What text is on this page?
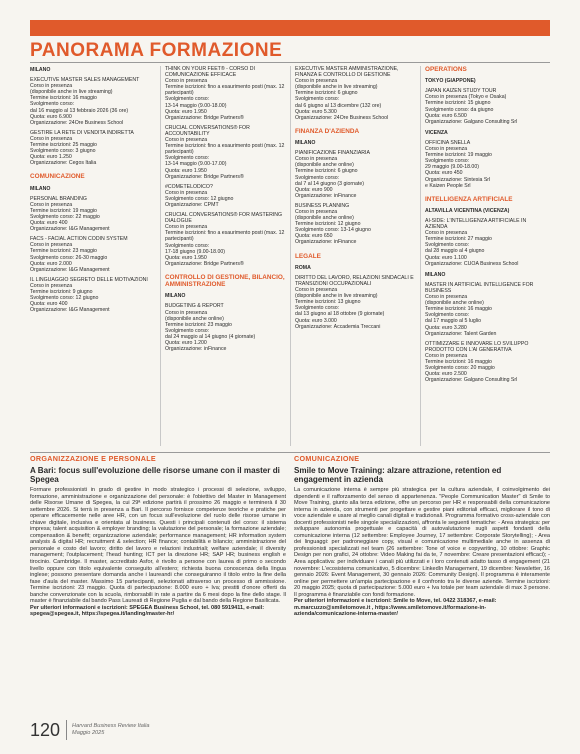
PANORAMA FORMAZIONE
MILANO
EXECUTIVE MASTER SALES MANAGEMENT
Corso in presenza
(disponibile anche in live streaming)
Termine iscrizioni: 16 maggio
Svolgimento corso:
dal 16 maggio al 13 febbraio 2026 (36 ore)
Quota: euro 6.900
Organizzazione: 24Ore Business School
GESTIRE LA RETE DI VENDITA INDIRETTA
Corso in presenza
Termine iscrizioni: 25 maggio
Svolgimento corso: 3 giugno
Quota: euro 1.250
Organizzazione: Cegos Italia
COMUNICAZIONE
MILANO
PERSONAL BRANDING
Corso in presenza
Termine iscrizioni: 19 maggio
Svolgimento corso: 22 maggio
Quota: euro 400
Organizzazione: I&G Management
FACS - FACIAL ACTION CODIN SYSTEM
Corso in presenza
Termine iscrizioni: 23 maggio
Svolgimento corso: 26-30 maggio
Quota: euro 2.000
Organizzazione: I&G Management
IL LINGUAGGIO SEGRETO DELLE MOTIVAZIONI
Corso in presenza
Termine iscrizioni: 9 giugno
Svolgimento corso: 12 giugno
Quota: euro 400
Organizzazione: I&G Management
THINK ON YOUR FEET® - CORSO DI COMUNICAZIONE EFFICACE
Corso in presenza
Termine iscrizioni: fino a esaurimento posti (max. 12 partecipanti)
Svolgimento corso:
13-14 maggio (9.00-18.00)
Quota: euro 1.950
Organizzazione: Bridge Partners®
CRUCIAL CONVERSATIONS® FOR ACCOUNTABILITY
Corso in presenza
Termine iscrizioni: fino a esaurimento posti (max. 12 partecipanti)
Svolgimento corso:
13-14 maggio (9.00-17.00)
Quota: euro 1.950
Organizzazione: Bridge Partners®
#COMETELODICO?
Corso in presenza
Svolgimento corso: 12 giugno
Organizzazione: CPMT
CRUCIAL CONVERSATIONS® FOR MASTERING DIALOGUE
Corso in presenza
Termine iscrizioni: fino a esaurimento posti (max. 12 partecipanti)
Svolgimento corso:
17-18 giugno (9.00-18.00)
Quota: euro 1.950
Organizzazione: Bridge Partners®
CONTROLLO DI GESTIONE, BILANCIO, AMMINISTRAZIONE
MILANO
BUDGETING & REPORT
Corso in presenza
(disponibile anche online)
Termine iscrizioni: 23 maggio
Svolgimento corso:
dal 24 maggio al 14 giugno (4 giornate)
Quota: euro 1.200
Organizzazione: inFinance
EXECUTIVE MASTER AMMINISTRAZIONE, FINANZA E CONTROLLO DI GESTIONE
Corso in presenza
(disponibile anche in live streaming)
Termine iscrizioni: 6 giugno
Svolgimento corso:
dal 6 giugno al 13 dicembre (132 ore)
Quota: euro 5.300
Organizzazione: 24Ore Business School
FINANZA D'AZIENDA
MILANO
PIANIFICAZIONE FINANZIARIA
Corso in presenza
(disponibile anche online)
Termine iscrizioni: 6 giugno
Svolgimento corso:
dal 7 al 14 giugno (3 giornate)
Quota: euro 900
Organizzazione: inFinance
BUSINESS PLANNING
Corso in presenza
(disponibile anche online)
Termine iscrizioni: 12 giugno
Svolgimento corso: 13-14 giugno
Quota: euro 650
Organizzazione: inFinance
LEGALE
ROMA
DIRITTO DEL LAVORO, RELAZIONI SINDACALI E TRANSIZIONI OCCUPAZIONALI
Corso in presenza
(disponibile anche in live streaming)
Termine iscrizioni: 13 giugno
Svolgimento corso:
dal 13 giugno al 18 ottobre (9 giornate)
Quota: euro 3.000
Organizzazione: Accademia Treccani
OPERATIONS
TOKYO (GIAPPONE)
JAPAN KAIZEN STUDY TOUR
Corso in presenza (Tokyo e Osaka)
Termine iscrizioni: 15 giugno
Svolgimento corso: da giugno
Quota: euro 6.500
Organizzazione: Galgano Consulting Srl
VICENZA
OFFICINA SNELLA
Corso in presenza
Termine iscrizioni: 19 maggio
Svolgimento corso:
29 maggio (9.00-18.00)
Quota: euro 450
Organizzazione: Sintesia Srl
e Kaizen People Srl
INTELLIGENZA ARTIFICIALE
ALTAVILLA VICENTINA (VICENZA)
AI-SIDE: L'INTELLIGENZA ARTIFICIALE IN AZIENDA
Corso in presenza
Termine iscrizioni: 27 maggio
Svolgimento corso:
dal 28 maggio al 4 giugno
Quota: euro 1.100
Organizzazione: CUOA Business School
MILANO
MASTER IN ARTIFICIAL INTELLIGENCE FOR BUSINESS
Corso in presenza
(disponibile anche online)
Termine iscrizioni: 16 maggio
Svolgimento corso:
dal 17 maggio al 5 luglio
Quota: euro 3.280
Organizzazione: Talent Garden
OTTIMIZZARE E INNOVARE LO SVILUPPO PRODOTTO CON L'AI GENERATIVA
Corso in presenza
Termine iscrizioni: 16 maggio
Svolgimento corso: 20 maggio
Quota: euro 2.500
Organizzazione: Galgano Consulting Srl
ORGANIZZAZIONE E PERSONALE
A Bari: focus sull'evoluzione delle risorse umane con il master di Spegea
Formare professionisti in grado di gestire in modo strategico i processi di selezione, sviluppo, formazione, amministrazione e organizzazione del personale: è l'obiettivo del Master in Management delle Risorse Umane di Spegea, la cui 29ª edizione partirà il prossimo 26 maggio e terminerà il 30 settembre 2026. Si terrà in presenza a Bari. Il percorso fornisce competenze teoriche e pratiche per operare efficacemente nelle aree HR, con un focus sull'evoluzione del ruolo delle risorse umane in chiave digitale, inclusiva e orientata al business. Questi i principali contenuti del corso: il sistema impresa; talent acquisition & employer branding; la valutazione del personale; la formazione aziendale; compensation & benefit; organizzazione aziendale; performance management; HR information system analysis & digital HR; recruitment & selection; HR finance; contabilità e bilancio; amministrazione del personale e costo del lavoro; diritto del lavoro e relazioni industriali; welfare aziendale; il diversity management; l'outplacement; l'head hunting; ICT per la direzione HR; SAP HR; business english e tirocinio. Cambridge. Il master, accreditato Asfor, è rivolto a persone con laurea di primo o secondo livello oppure con titolo equivalente conseguito all'estero; richiesta buona conoscenza della lingua inglese; possono presentare domanda anche i laureandi che conseguiranno il titolo entro la fine della fase d'aula del master. Massimo 15 partecipanti, selezionati attraverso un processo di ammissione. Termine iscrizioni: 23 maggio. Quota di partecipazione: 8.000 euro + Iva; prestiti d'onore offerti da banche convenzionate con la scuola, rimborsabili in rate a partire da 6 mesi dopo la fine dello stage. Il master è finanziabile dal bando Pass Laureati di Regione Puglia e dal bando della Regione Basilicata.
Per ulteriori informazioni e iscrizioni: SPEGEA Business School, tel. 080 5919411, e-mail: spegea@spegea.it, https://spegea.it/landing/master-hr/
COMUNICAZIONE
Smile to Move Training: alzare attrazione, retention ed engagement in azienda
La comunicazione interna è sempre più strategica per la cultura aziendale, il coinvolgimento dei dipendenti e il rafforzamento del senso di appartenenza. "People Communication Master" di Smile to Move Training, giunto alla terza edizione, offre un percorso per HR e responsabili della comunicazione interna in azienda, con strumenti per progettare e gestire piani editoriali efficaci, migliorare il tono di voce aziendale e usare al meglio canali digitali e tradizionali. Programma formativo cross-aziendale con docenti professionisti nelle singole specializzazioni, affronta le seguenti tematiche: - Area strategica: per sviluppare autonomia progettuale e capacità di autovalutazione sugli aspetti fondanti della comunicazione interna (12 settembre: Employee Journey, 17 settembre: Corporate Storytelling); - Area dei linguaggi: per padroneggiare copy, visual e comunicazione multimediale anche in assenza di professionisti specializzati nel team (26 settembre: Tone of voice e copywriting, 10 ottobre: Graphic Design per non grafici, 24 ottobre: Video Making fai da te, 7 novembre: Creare presentazioni efficaci); - Area applicativa: per individuare i canali più utilizzati e i loro contenuti adatto tasso di engagement (21 novembre: L'ecosistema comunicativo, 5 dicembre: LinkedIn Management, 19 dicembre: Newsletter, 16 gennaio 2026: Event Management, 30 gennaio 2026: Community Design). Il programma è interamente online per permettere un'ampia partecipazione e il confronto tra le diverse aziende. Termine iscrizioni: 20 maggio 2025; quota di partecipazione: 5.000 euro + Iva totale per team aziendale di max 3 persone. Il programma è finanziabile con fondi formazione.
Per ulteriori informazioni e iscrizioni: Smile to Move, tel. 0422 318367, e-mail: m.marcuzzo@smiletomove.it , https://www.smiletomove.it/formazione-in-azienda/comunicazione-interna-master/
120 Harvard Business Review Italia
Maggio 2025
